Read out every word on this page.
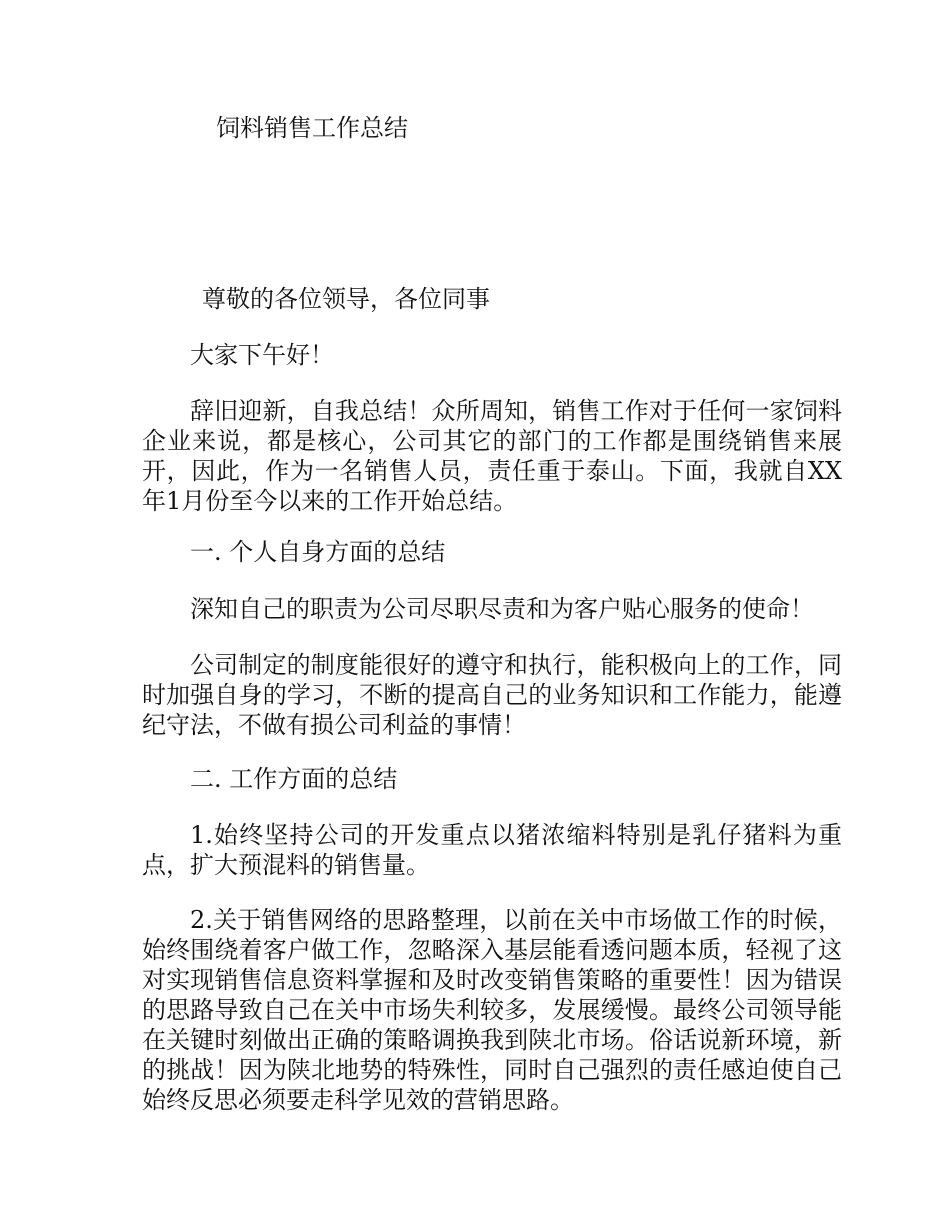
饲料销售工作总结
尊敬的各位领导，各位同事
大家下午好！

辞旧迎新，自我总结！众所周知，销售工作对于任何一家饲料企业来说，都是核心，公司其它的部门的工作都是围绕销售来展开，因此，作为一名销售人员，责任重于泰山。下面，我就自XX年1月份至今以来的工作开始总结。

一. 个人自身方面的总结
深知自己的职责为公司尽职尽责和为客户贴心服务的使命！

公司制定的制度能很好的遵守和执行，能积极向上的工作，同时加强自身的学习，不断的提高自己的业务知识和工作能力，能遵纪守法，不做有损公司利益的事情！

二. 工作方面的总结

1.始终坚持公司的开发重点以猪浓缩料特别是乳仔猪料为重点，扩大预混料的销售量。

2.关于销售网络的思路整理，以前在关中市场做工作的时候，始终围绕着客户做工作，忽略深入基层能看透问题本质，轻视了这对实现销售信息资料掌握和及时改变销售策略的重要性！因为错误的思路导致自己在关中市场失利较多，发展缓慢。最终公司领导能在关键时刻做出正确的策略调换我到陕北市场。俗话说新环境，新的挑战！因为陕北地势的特殊性，同时自己强烈的责任感迫使自己始终反思必须要走科学见效的营销思路。
